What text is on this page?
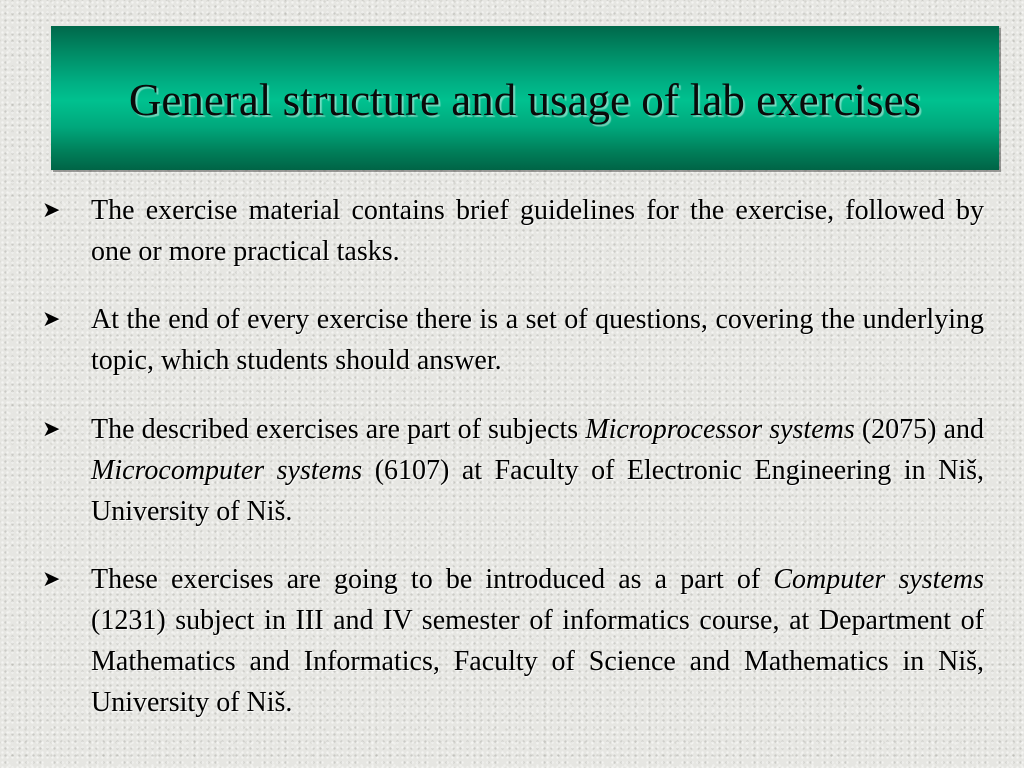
General structure and usage of lab exercises
➤	The exercise material contains brief guidelines for the exercise, followed by one or more practical tasks.
➤	At the end of every exercise there is a set of questions, covering the underlying topic, which students should answer.
➤	The described exercises are part of subjects Microprocessor systems (2075) and Microcomputer systems (6107) at Faculty of Electronic Engineering in Niš, University of Niš.
➤	These exercises are going to be introduced as a part of Computer systems (1231) subject in III and IV semester of informatics course, at Department of Mathematics and Informatics, Faculty of Science and Mathematics in Niš, University of Niš.
